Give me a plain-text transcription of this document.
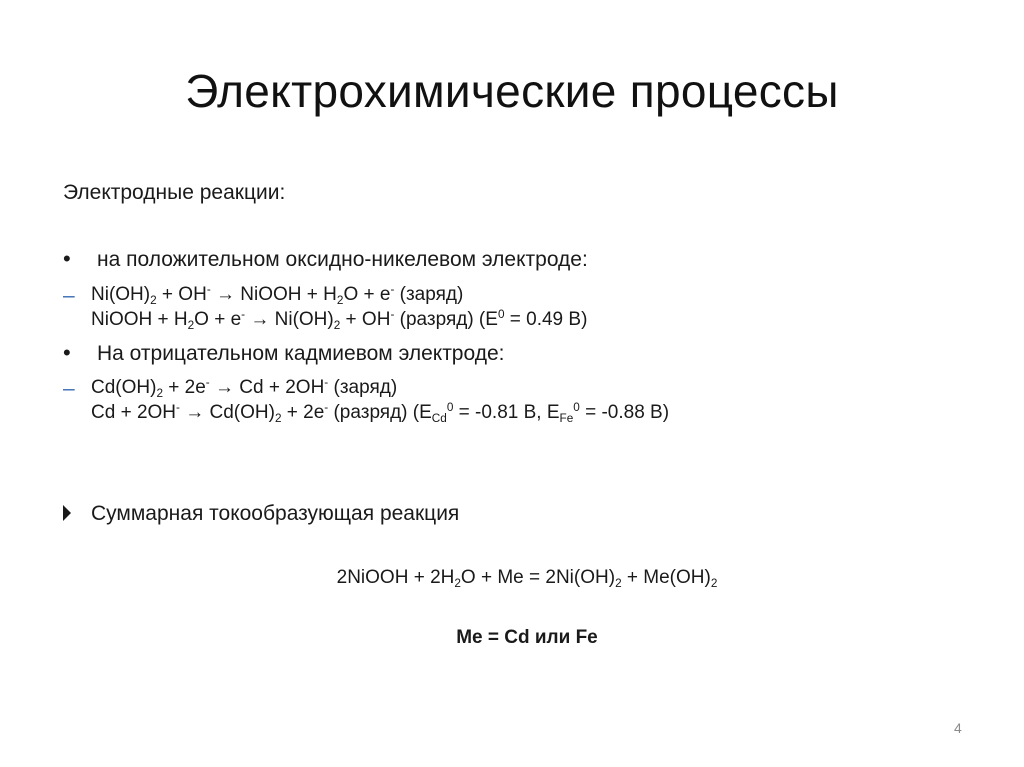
Электрохимические процессы
Электродные реакции:
• на положительном оксидно-никелевом электроде:
– $Ni(OH)_2 + OH^-$ → NiOOH + $H_2O + e^-$ (заряд)
NiOOH + $H_2O + e^- \to Ni(OH)_2 + OH^-$ (разряд) ($E^0 = 0.49$ В)
• На отрицательном кадмиевом электроде:
– $Cd(OH)_2 + 2e^- \to Cd + 2OH^-$ (заряд)
$Cd + 2OH^- \to Cd(OH)_2 + 2e^-$ (разряд) ($E_{Cd}^0 = -0.81$ В, $E_{Fe}^0 = -0.88$ В)
Суммарная токообразующая реакция
2NiOOH + $2H_2O + Me = 2Ni(OH)_2 + Me(OH)_2$
Me = Cd или Fe
4
